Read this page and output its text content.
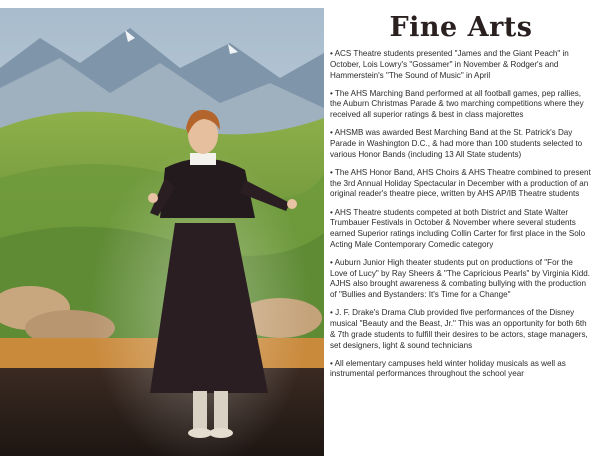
Fine Arts
• ACS Theatre students presented "James and the Giant Peach" in October, Lois Lowry's "Gossamer" in November & Rodger's and Hammerstein's "The Sound of Music" in April
• The AHS Marching Band performed at all football games, pep rallies, the Auburn Christmas Parade & two marching competitions where they received all superior ratings & best in class majorettes
• AHSMB was awarded Best Marching Band at the St. Patrick's Day Parade in Washington D.C., & had more than 100 students selected to various Honor Bands (including 13 All State students)
• The AHS Honor Band, AHS Choirs & AHS Theatre combined to present the 3rd Annual Holiday Spectacular in December with a production of an original reader's theatre piece, written by AHS AP/IB Theatre students
• AHS Theatre students competed at both District and State Walter Trumbauer Festivals in October & November where several students earned Superior ratings including Collin Carter for first place in the Solo Acting Male Contemporary Comedic category
• Auburn Junior High theater students put on productions of "For the Love of Lucy" by Ray Sheers & "The Capricious Pearls" by Virginia Kidd. AJHS also brought awareness & combating bullying with the production of "Bullies and Bystanders: It's Time for a Change"
• J. F. Drake's Drama Club provided five performances of the Disney musical "Beauty and the Beast, Jr." This was an opportunity for both 6th & 7th grade students to fulfill their desires to be actors, stage managers, set designers, light & sound technicians
• All elementary campuses held winter holiday musicals as well as instrumental performances throughout the school year
